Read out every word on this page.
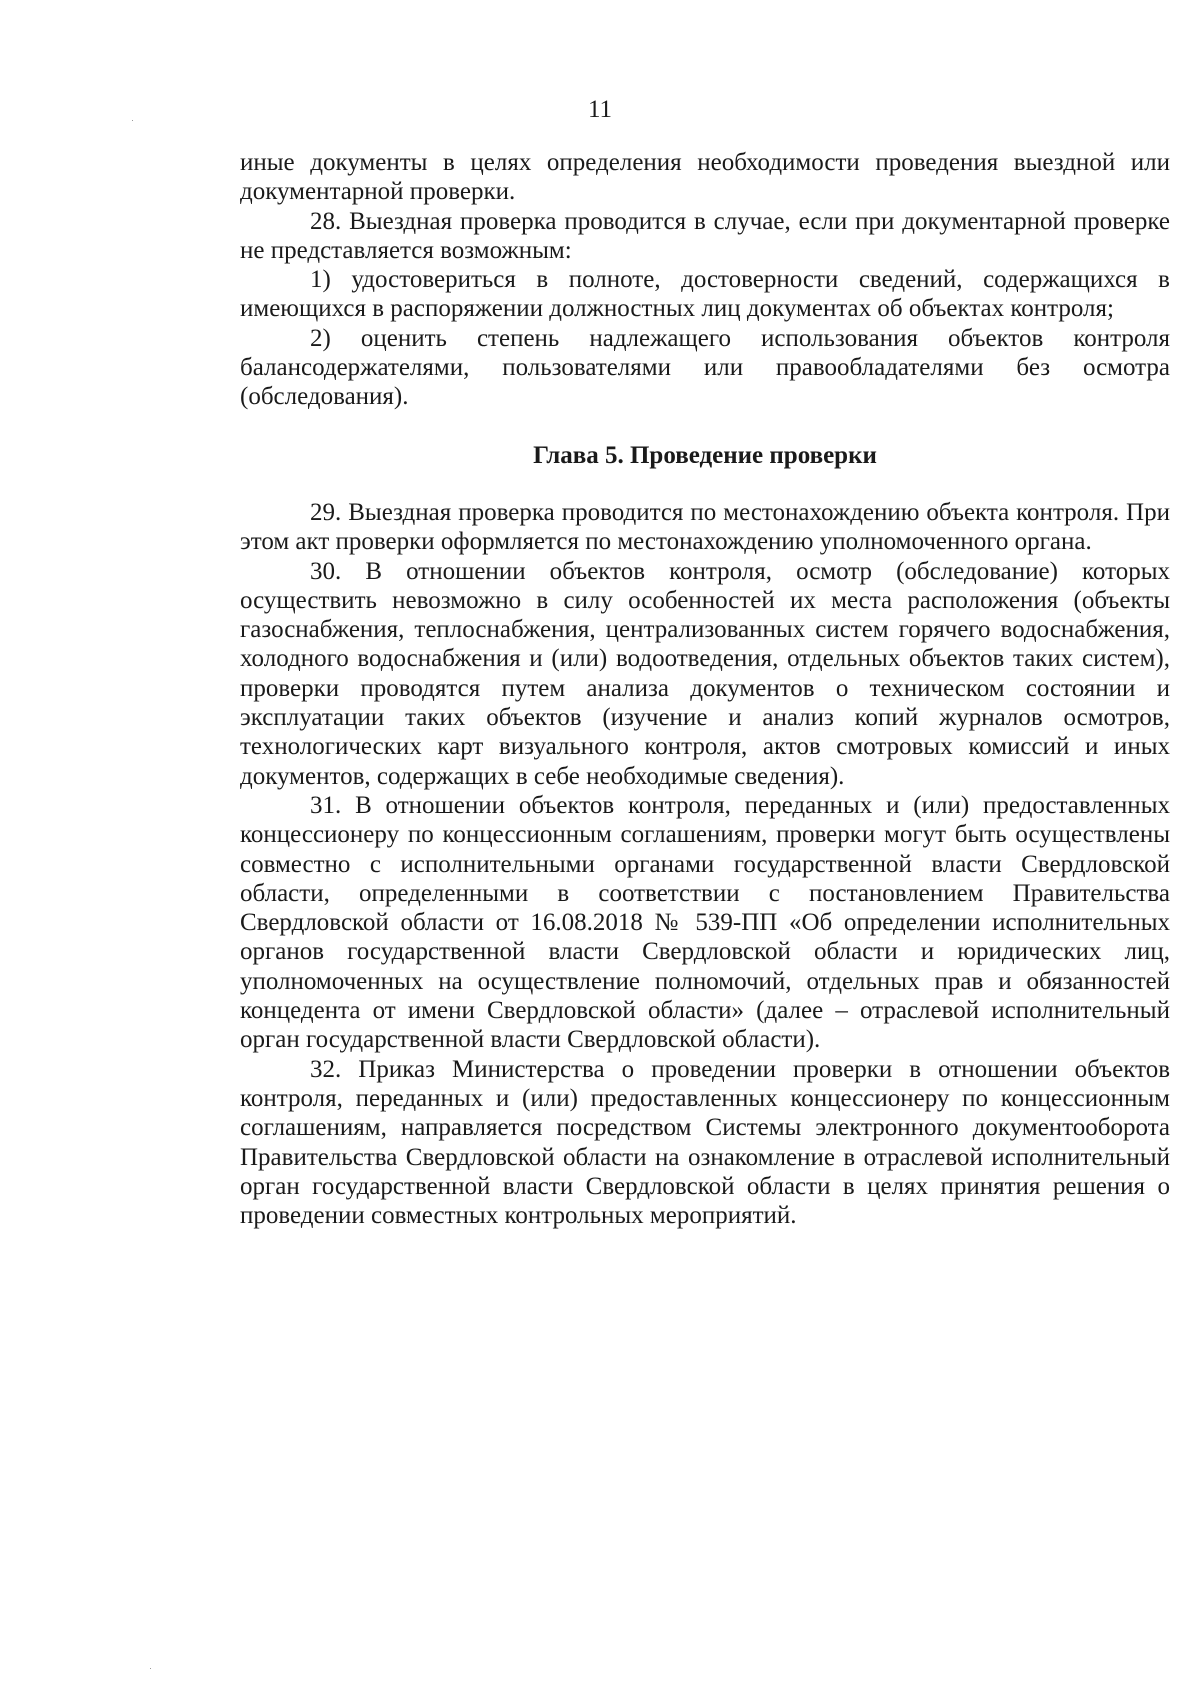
11

иные документы в целях определения необходимости проведения выездной или документарной проверки.

28. Выездная проверка проводится в случае, если при документарной проверке не представляется возможным:

1) удостовериться в полноте, достоверности сведений, содержащихся в имеющихся в распоряжении должностных лиц документах об объектах контроля;

2) оценить степень надлежащего использования объектов контроля балансодержателями, пользователями или правообладателями без осмотра (обследования).

Глава 5. Проведение проверки

29. Выездная проверка проводится по местонахождению объекта контроля. При этом акт проверки оформляется по местонахождению уполномоченного органа.

30. В отношении объектов контроля, осмотр (обследование) которых осуществить невозможно в силу особенностей их места расположения (объекты газоснабжения, теплоснабжения, централизованных систем горячего водоснабжения, холодного водоснабжения и (или) водоотведения, отдельных объектов таких систем), проверки проводятся путем анализа документов о техническом состоянии и эксплуатации таких объектов (изучение и анализ копий журналов осмотров, технологических карт визуального контроля, актов смотровых комиссий и иных документов, содержащих в себе необходимые сведения).

31. В отношении объектов контроля, переданных и (или) предоставленных концессионеру по концессионным соглашениям, проверки могут быть осуществлены совместно с исполнительными органами государственной власти Свердловской области, определенными в соответствии с постановлением Правительства Свердловской области от 16.08.2018 № 539-ПП «Об определении исполнительных органов государственной власти Свердловской области и юридических лиц, уполномоченных на осуществление полномочий, отдельных прав и обязанностей концедента от имени Свердловской области» (далее – отраслевой исполнительный орган государственной власти Свердловской области).

32. Приказ Министерства о проведении проверки в отношении объектов контроля, переданных и (или) предоставленных концессионеру по концессионным соглашениям, направляется посредством Системы электронного документооборота Правительства Свердловской области на ознакомление в отраслевой исполнительный орган государственной власти Свердловской области в целях принятия решения о проведении совместных контрольных мероприятий.
